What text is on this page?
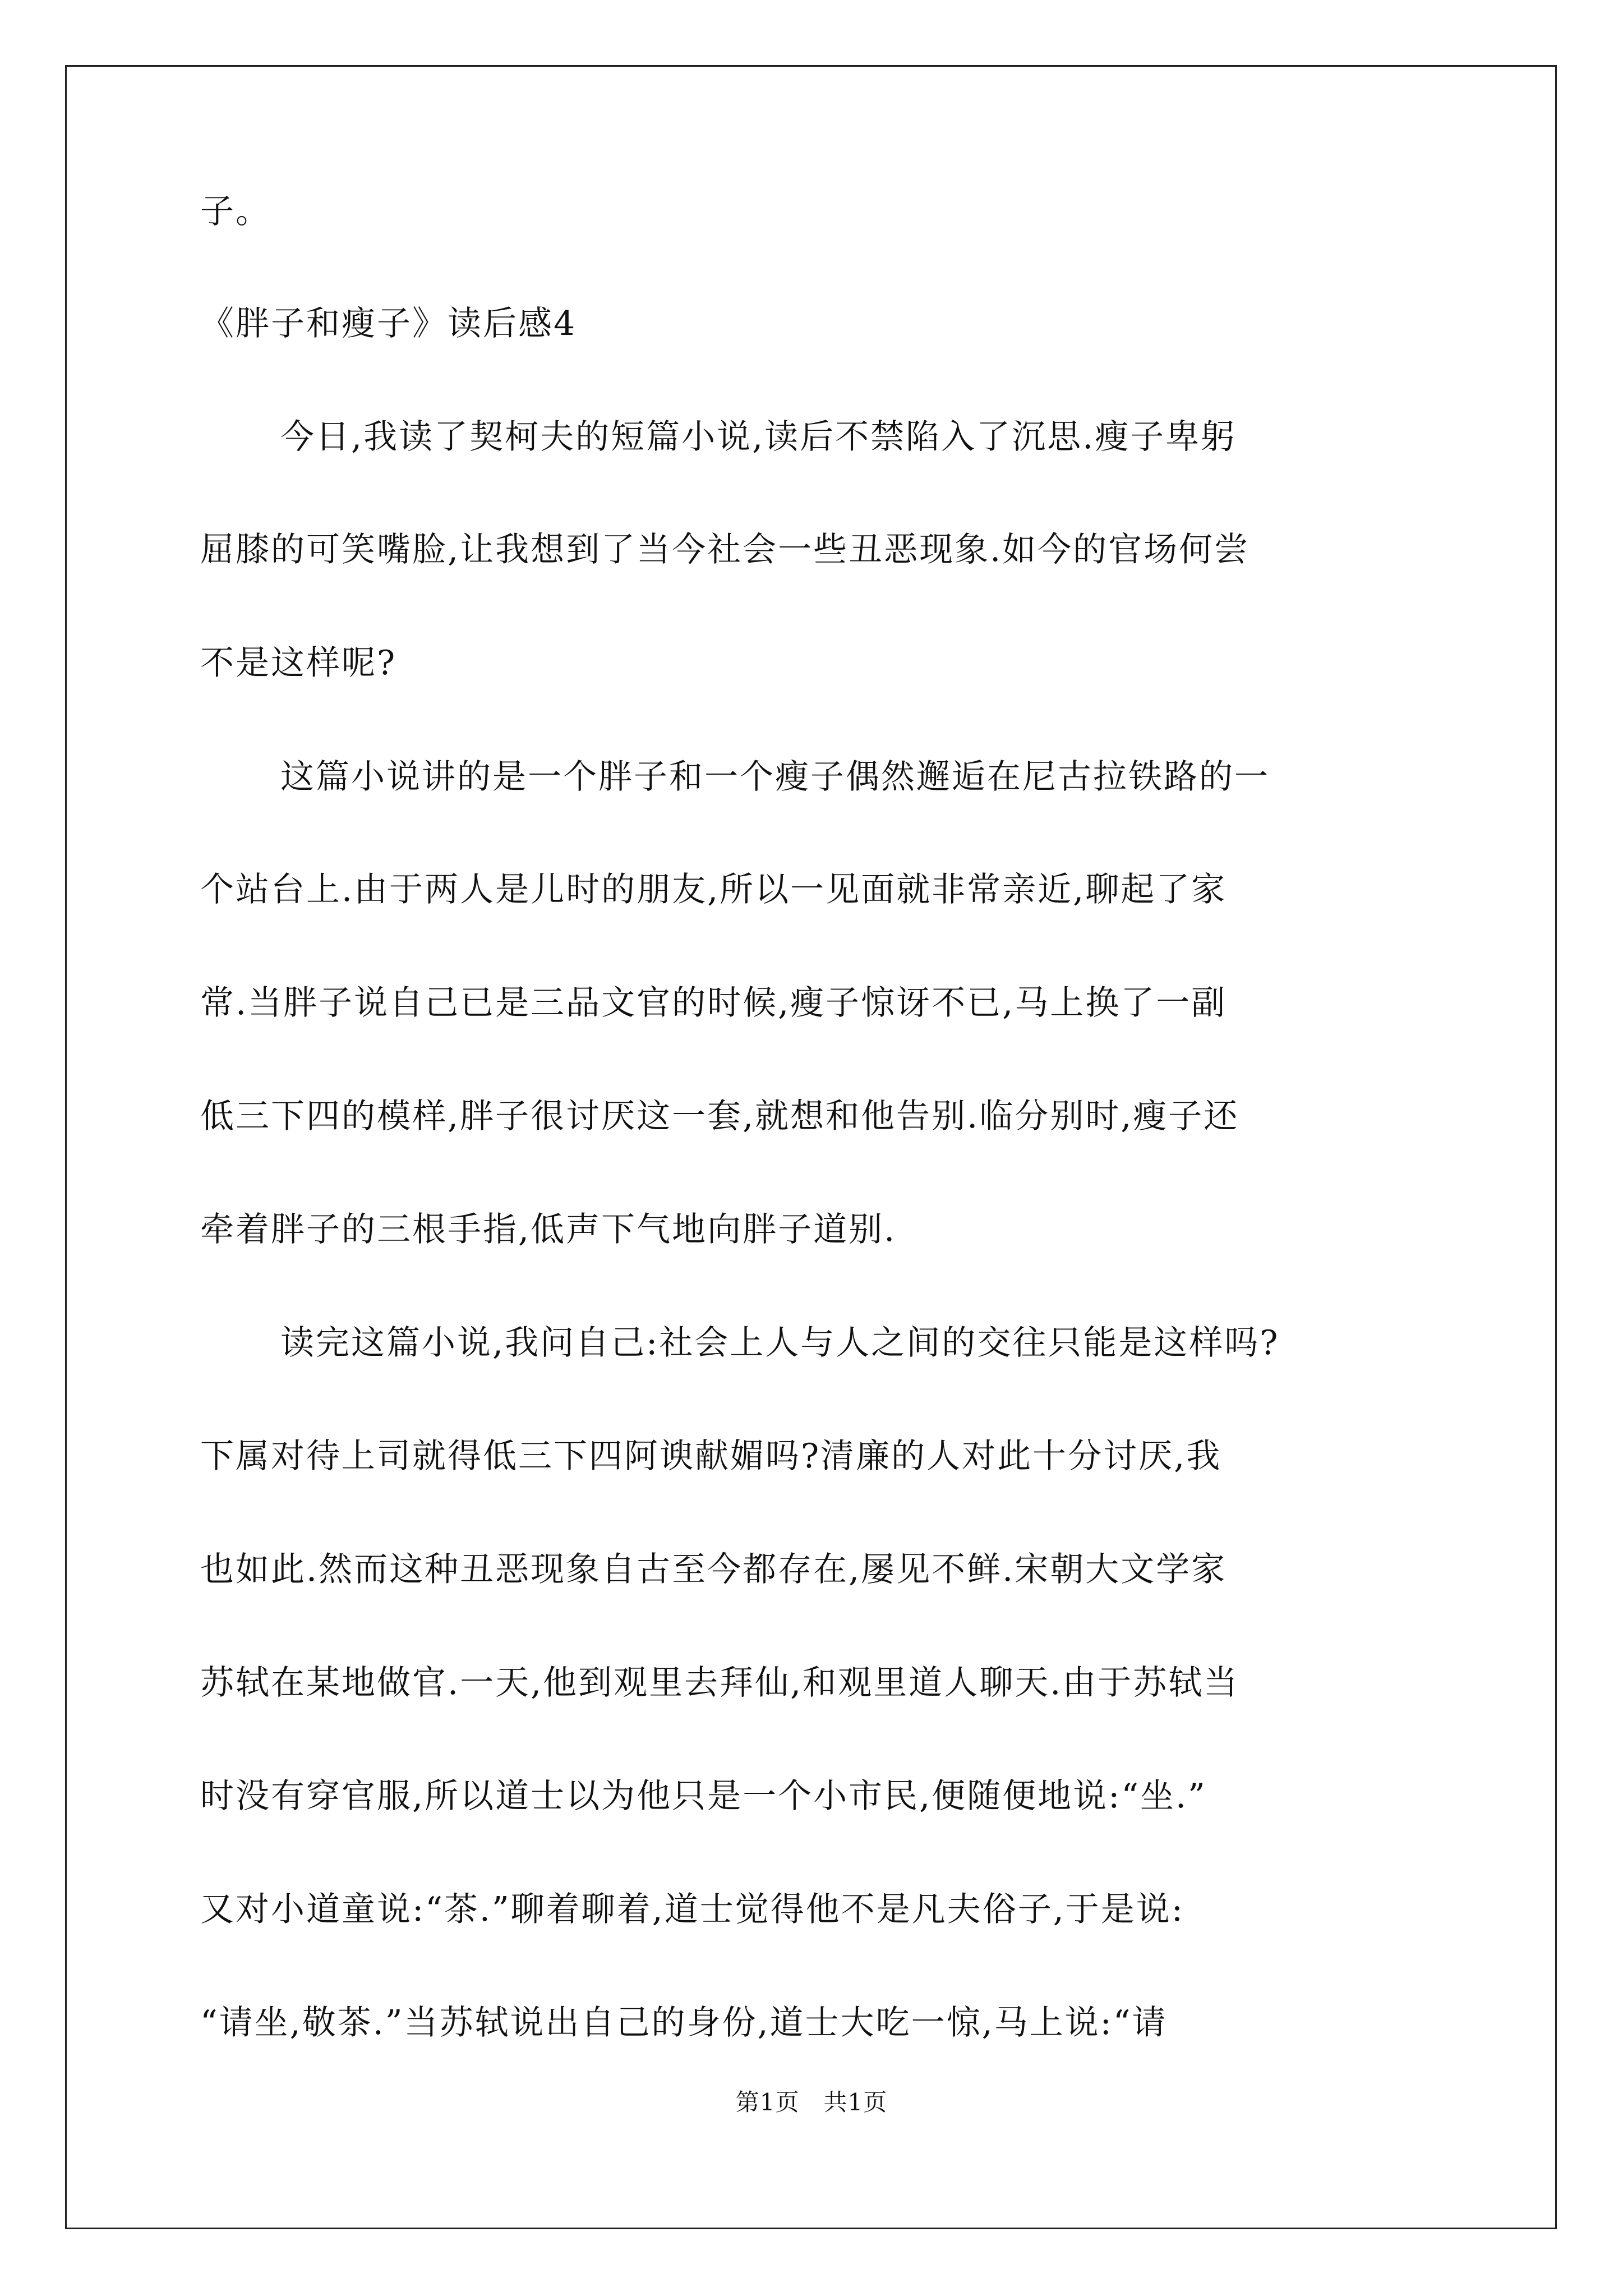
子。
《胖子和瘦子》读后感4
今日,我读了契柯夫的短篇小说,读后不禁陷入了沉思.瘦子卑躬
屈膝的可笑嘴脸,让我想到了当今社会一些丑恶现象.如今的官场何尝
不是这样呢?
这篇小说讲的是一个胖子和一个瘦子偶然邂逅在尼古拉铁路的一
个站台上.由于两人是儿时的朋友,所以一见面就非常亲近,聊起了家
常.当胖子说自己已是三品文官的时候,瘦子惊讶不已,马上换了一副
低三下四的模样,胖子很讨厌这一套,就想和他告别.临分别时,瘦子还
牵着胖子的三根手指,低声下气地向胖子道别.
读完这篇小说,我问自己:社会上人与人之间的交往只能是这样吗?
下属对待上司就得低三下四阿谀献媚吗?清廉的人对此十分讨厌,我
也如此.然而这种丑恶现象自古至今都存在,屡见不鲜.宋朝大文学家
苏轼在某地做官.一天,他到观里去拜仙,和观里道人聊天.由于苏轼当
时没有穿官服,所以道士以为他只是一个小市民,便随便地说:“坐.”
又对小道童说:“茶.”聊着聊着,道士觉得他不是凡夫俗子,于是说:
“请坐,敬茶.”当苏轼说出自己的身份,道士大吃一惊,马上说:“请
第1页　共1页
